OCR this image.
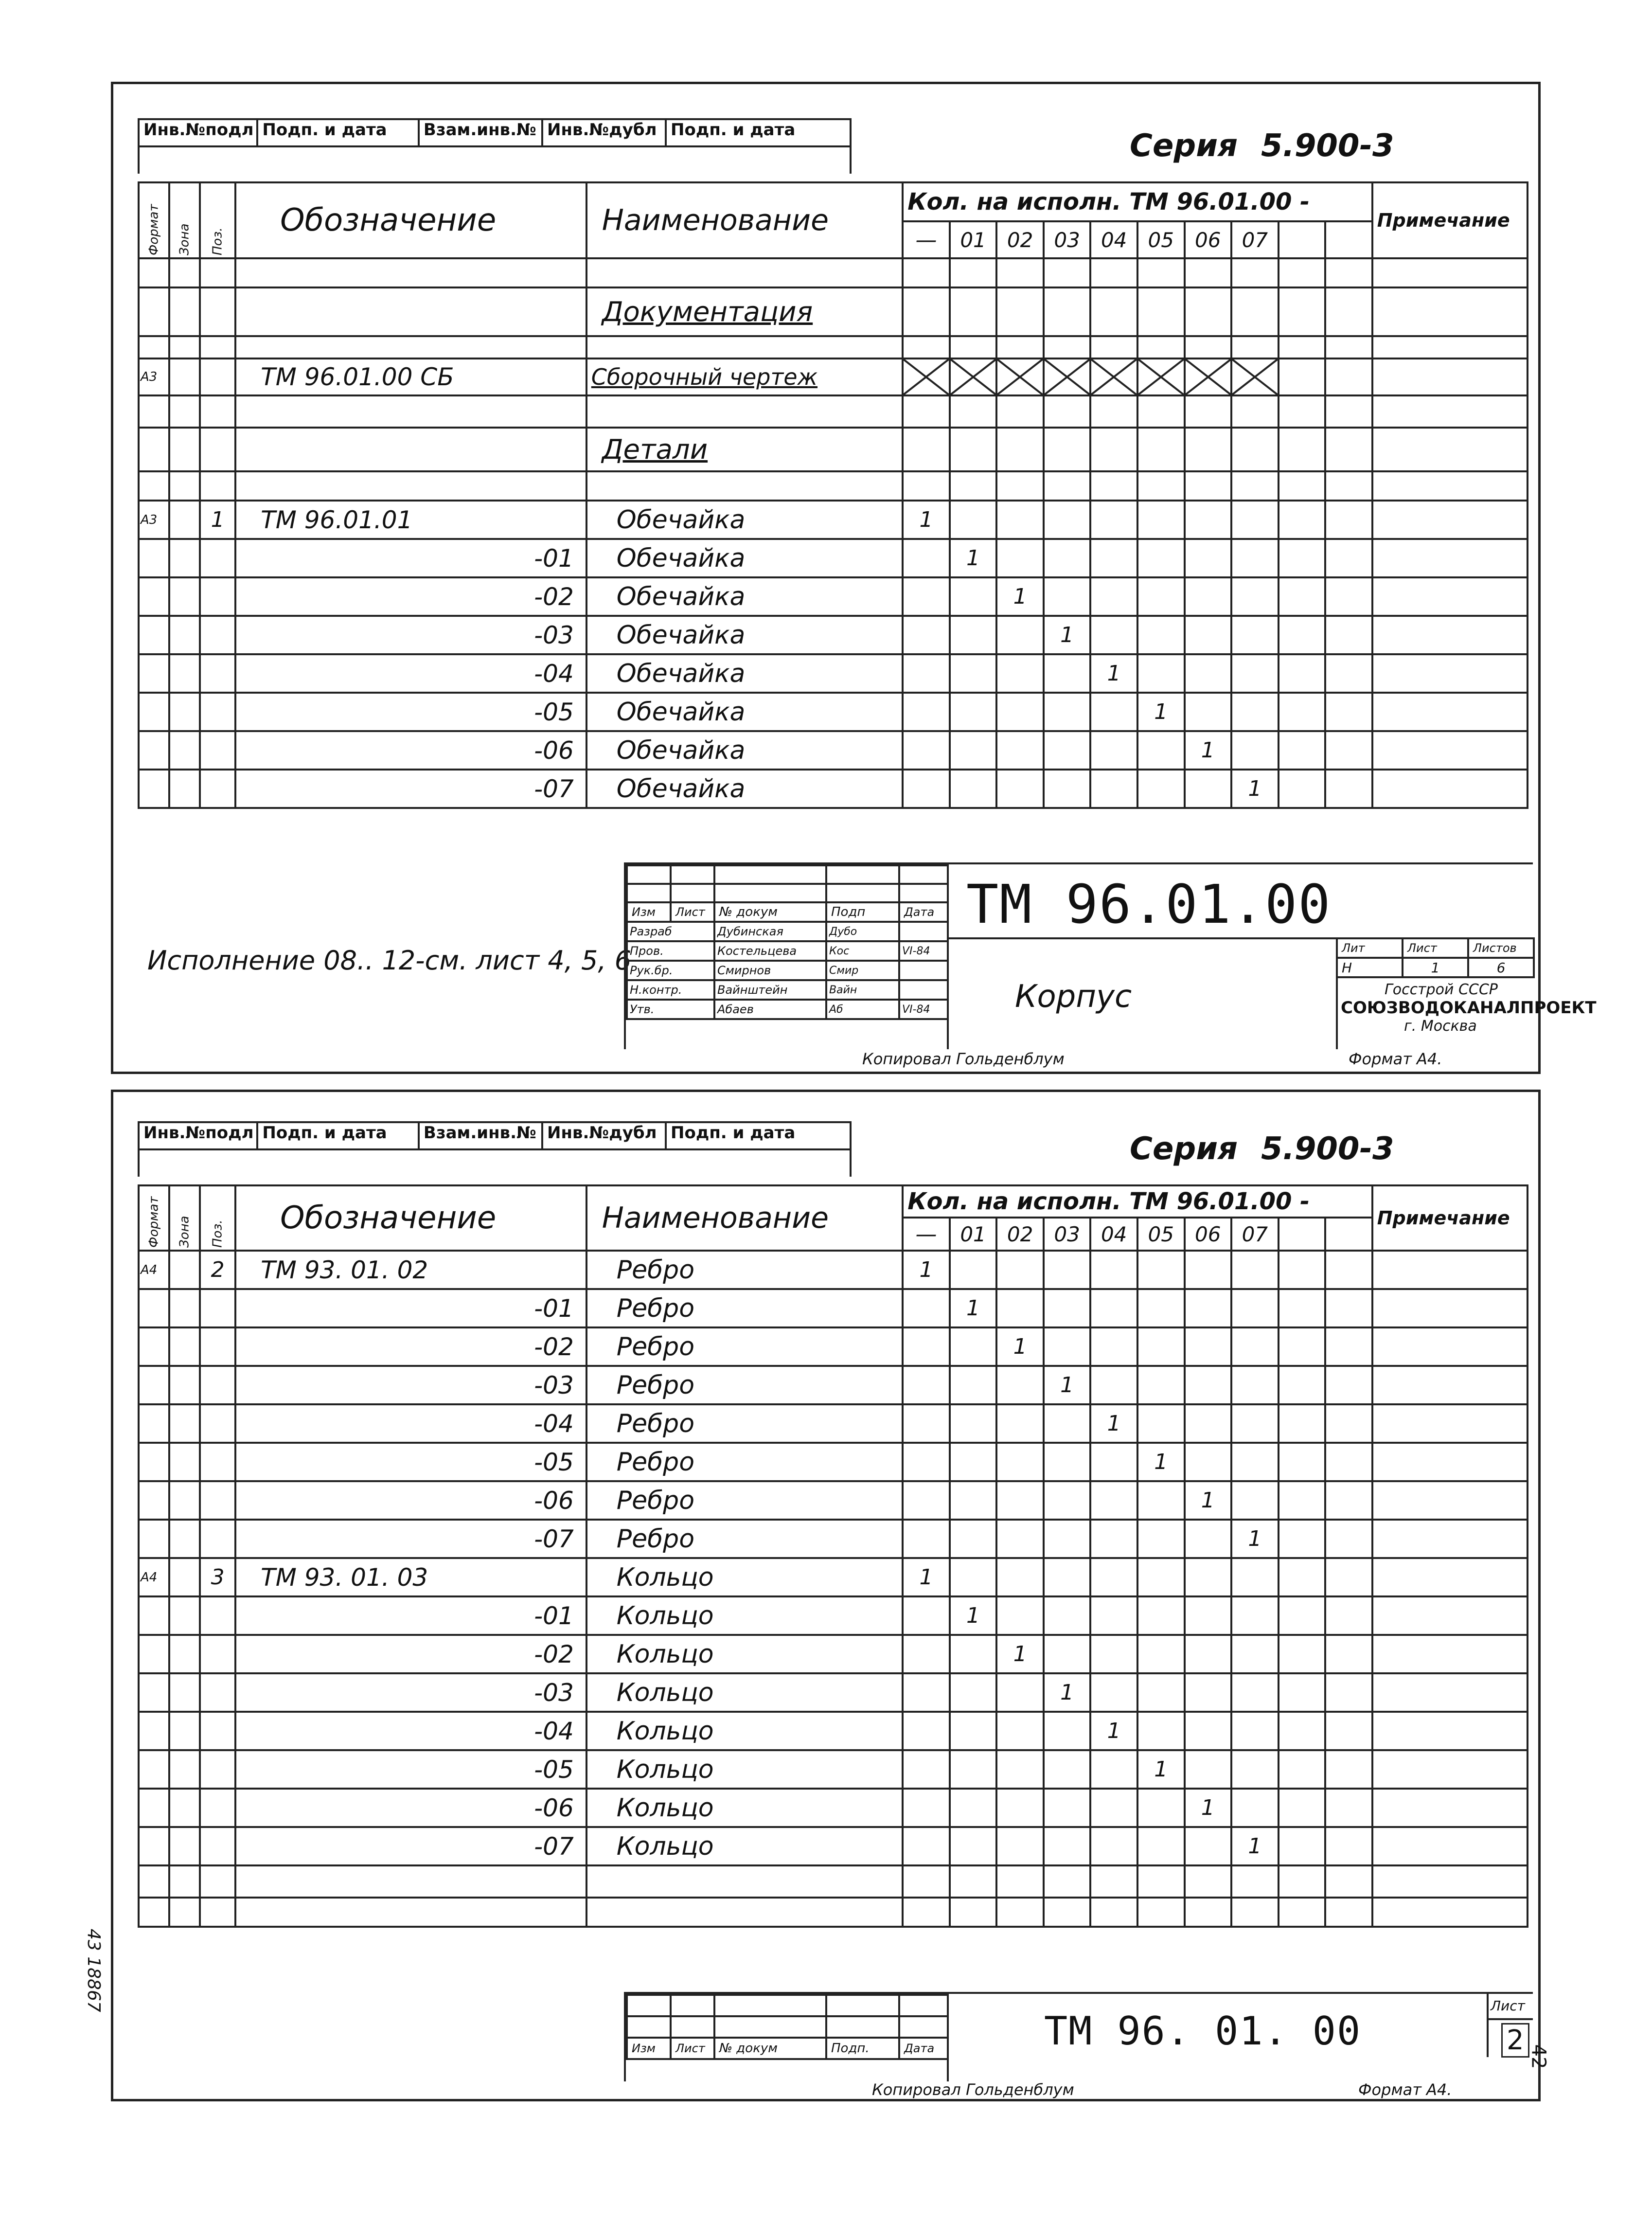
Инв.№подл Подп. и дата	Взам.инв.№ Инв.№дубл Подп. и дата	Серия 5.900-3
Формат	Зона	Поз.	Обозначение	Наименование	Кол. на исполн. ТМ 96.01.00 -										Примечание
					—	01	02	03	04	05	06	07			

				Документация											

А3			ТМ 96.01.00 СБ	Сборочный чертеж	

				Детали											

А3		1	ТМ 96.01.01	Обечайка	1										
			-01	Обечайка		1									
			-02	Обечайка			1								
			-03	Обечайка				1							
			-04	Обечайка					1						
			-05	Обечайка						1					
			-06	Обечайка							1				
			-07	Обечайка								1			
Исполнение 08.. 12-см. лист 4, 5, 6

Изм	Лист	№ докум	Подп	Дата
Разраб		Дубинская	Дубо	
Пров.		Костельцева	Кос	VI-84
Рук.бр.		Смирнов	Смир	
Н.контр.		Вайнштейн	Вайн	
Утв.		Абаев	Аб	VI-84
ТМ 96.01.00
Корпус
Лит	Лист	Листов
Н	1	6
Госстрой СССР
СОЮЗВОДОКАНАЛПРОЕКТ
г. Москва
Копировал Гольденблум	Формат А4.
Инв.№подл Подп. и дата	Взам.инв.№ Инв.№дубл Подп. и дата	Серия 5.900-3
Формат	Зона	Поз.	Обозначение	Наименование	Кол. на исполн. ТМ 96.01.00 -										Примечание
					—	01	02	03	04	05	06	07			
А4		2	ТМ 93. 01. 02	Ребро	1										
			-01	Ребро		1									
			-02	Ребро			1								
			-03	Ребро				1							
			-04	Ребро					1						
			-05	Ребро						1					
			-06	Ребро							1				
			-07	Ребро								1			
А4		3	ТМ 93. 01. 03	Кольцо	1										
			-01	Кольцо		1									
			-02	Кольцо			1								
			-03	Кольцо				1							
			-04	Кольцо					1						
			-05	Кольцо						1					
			-06	Кольцо							1				
			-07	Кольцо								1			

Изм	Лист	№ докум	Подп.	Дата	ТМ 96. 01. 00
Лист
2
Копировал Гольденблум	Формат А4.
43 18867
42
